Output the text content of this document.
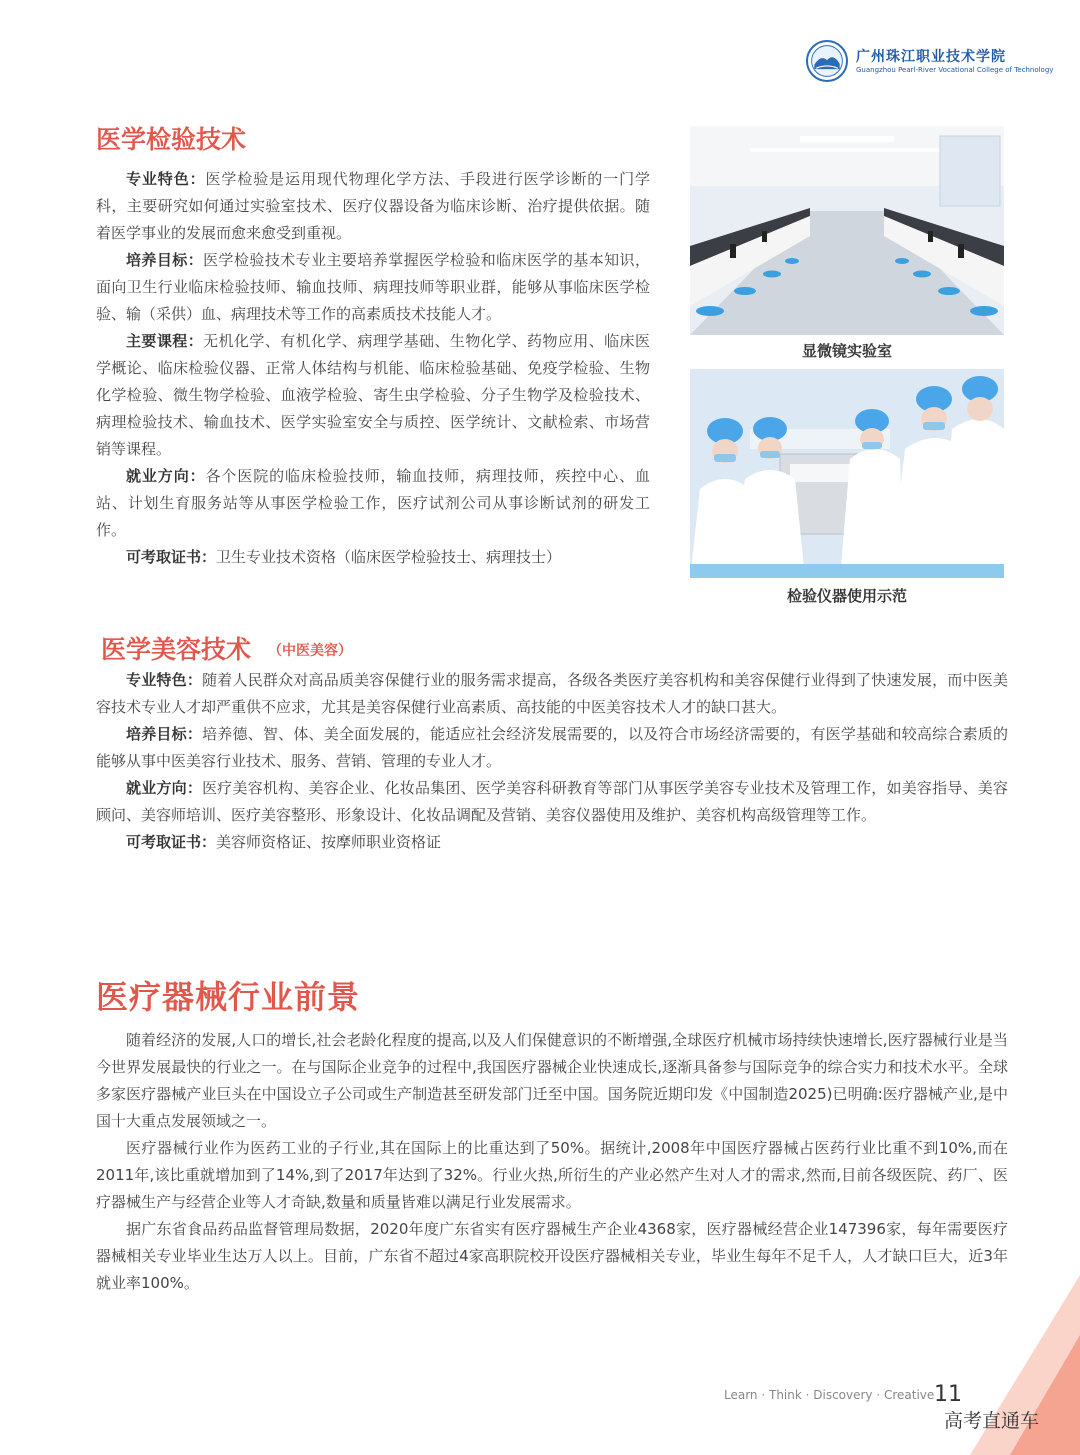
广州珠江职业技术学院
Guangzhou Pearl-River Vocational College of Technology
医学检验技术
专业特色：医学检验是运用现代物理化学方法、手段进行医学诊断的一门学科，主要研究如何通过实验室技术、医疗仪器设备为临床诊断、治疗提供依据。随着医学事业的发展而愈来愈受到重视。
培养目标：医学检验技术专业主要培养掌握医学检验和临床医学的基本知识，面向卫生行业临床检验技师、输血技师、病理技师等职业群，能够从事临床医学检验、输（采供）血、病理技术等工作的高素质技术技能人才。
主要课程：无机化学、有机化学、病理学基础、生物化学、药物应用、临床医学概论、临床检验仪器、正常人体结构与机能、临床检验基础、免疫学检验、生物化学检验、微生物学检验、血液学检验、寄生虫学检验、分子生物学及检验技术、病理检验技术、输血技术、医学实验室安全与质控、医学统计、文献检索、市场营销等课程。
就业方向：各个医院的临床检验技师，输血技师，病理技师，疾控中心、血站、计划生育服务站等从事医学检验工作，医疗试剂公司从事诊断试剂的研发工作。
可考取证书：卫生专业技术资格（临床医学检验技士、病理技士）
显微镜实验室
检验仪器使用示范
医学美容技术 （中医美容）
专业特色：随着人民群众对高品质美容保健行业的服务需求提高，各级各类医疗美容机构和美容保健行业得到了快速发展，而中医美容技术专业人才却严重供不应求，尤其是美容保健行业高素质、高技能的中医美容技术人才的缺口甚大。
培养目标：培养德、智、体、美全面发展的，能适应社会经济发展需要的，以及符合市场经济需要的，有医学基础和较高综合素质的能够从事中医美容行业技术、服务、营销、管理的专业人才。
就业方向：医疗美容机构、美容企业、化妆品集团、医学美容科研教育等部门从事医学美容专业技术及管理工作，如美容指导、美容顾问、美容师培训、医疗美容整形、形象设计、化妆品调配及营销、美容仪器使用及维护、美容机构高级管理等工作。
可考取证书：美容师资格证、按摩师职业资格证
医疗器械行业前景
随着经济的发展,人口的增长,社会老龄化程度的提高,以及人们保健意识的不断增强,全球医疗机械市场持续快速增长,医疗器械行业是当今世界发展最快的行业之一。在与国际企业竞争的过程中,我国医疗器械企业快速成长,逐渐具备参与国际竞争的综合实力和技术水平。全球多家医疗器械产业巨头在中国设立子公司或生产制造甚至研发部门迁至中国。国务院近期印发《中国制造2025)已明确:医疗器械产业,是中国十大重点发展领域之一。
医疗器械行业作为医药工业的子行业,其在国际上的比重达到了50%。据统计,2008年中国医疗器械占医药行业比重不到10%,而在2011年,该比重就增加到了14%,到了2017年达到了32%。行业火热,所衍生的产业必然产生对人才的需求,然而,目前各级医院、药厂、医疗器械生产与经营企业等人才奇缺,数量和质量皆难以满足行业发展需求。
据广东省食品药品监督管理局数据，2020年度广东省实有医疗器械生产企业4368家，医疗器械经营企业147396家，每年需要医疗器械相关专业毕业生达万人以上。目前，广东省不超过4家高职院校开设医疗器械相关专业，毕业生每年不足千人，人才缺口巨大，近3年就业率100%。
Learn · Think · Discovery · Creative 11
高考直通车
